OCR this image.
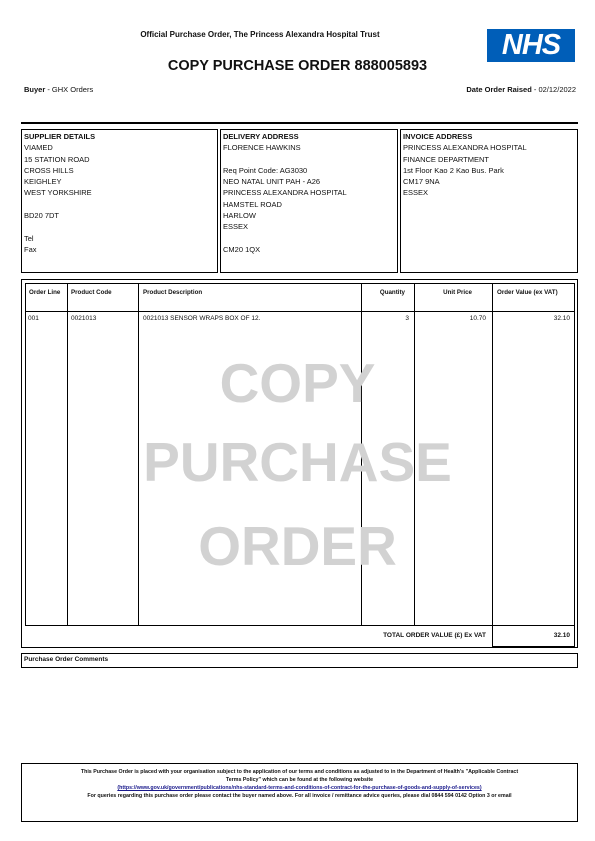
Official Purchase Order, The Princess Alexandra Hospital Trust	NHS
COPY PURCHASE ORDER 888005893
Buyer - GHX Orders	Date Order Raised - 02/12/2022
SUPPLIER DETAILS
VIAMED
15 STATION ROAD
CROSS HILLS
KEIGHLEY
WEST YORKSHIRE
BD20 7DT
Tel
Fax
DELIVERY ADDRESS
FLORENCE HAWKINS
Req Point Code: AG3030
NEO NATAL UNIT PAH - A26
PRINCESS ALEXANDRA HOSPITAL
HAMSTEL ROAD
HARLOW
ESSEX
CM20 1QX
INVOICE ADDRESS
PRINCESS ALEXANDRA HOSPITAL
FINANCE DEPARTMENT
1st Floor Kao 2 Kao Bus. Park
CM17 9NA
ESSEX
Order Line	Product Code	Product Description	Quantity	Unit Price	Order Value (ex VAT)
001	0021013	0021013 SENSOR WRAPS BOX OF 12.	3	10.70	32.10
COPY
PURCHASE
ORDER
TOTAL ORDER VALUE (£) Ex VAT	32.10
Purchase Order Comments
This Purchase Order is placed with your organisation subject to the application of our terms and conditions as adjusted to in the Department of Health's "Applicable Contract
Terms Policy" which can be found at the following website
(https://www.gov.uk/government/publications/nhs-standard-terms-and-conditions-of-contract-for-the-purchase-of-goods-and-supply-of-services)
For queries regarding this purchase order please contact the buyer named above. For all invoice / remittance advice queries, please dial 0844 594 0142 Option 3 or email
